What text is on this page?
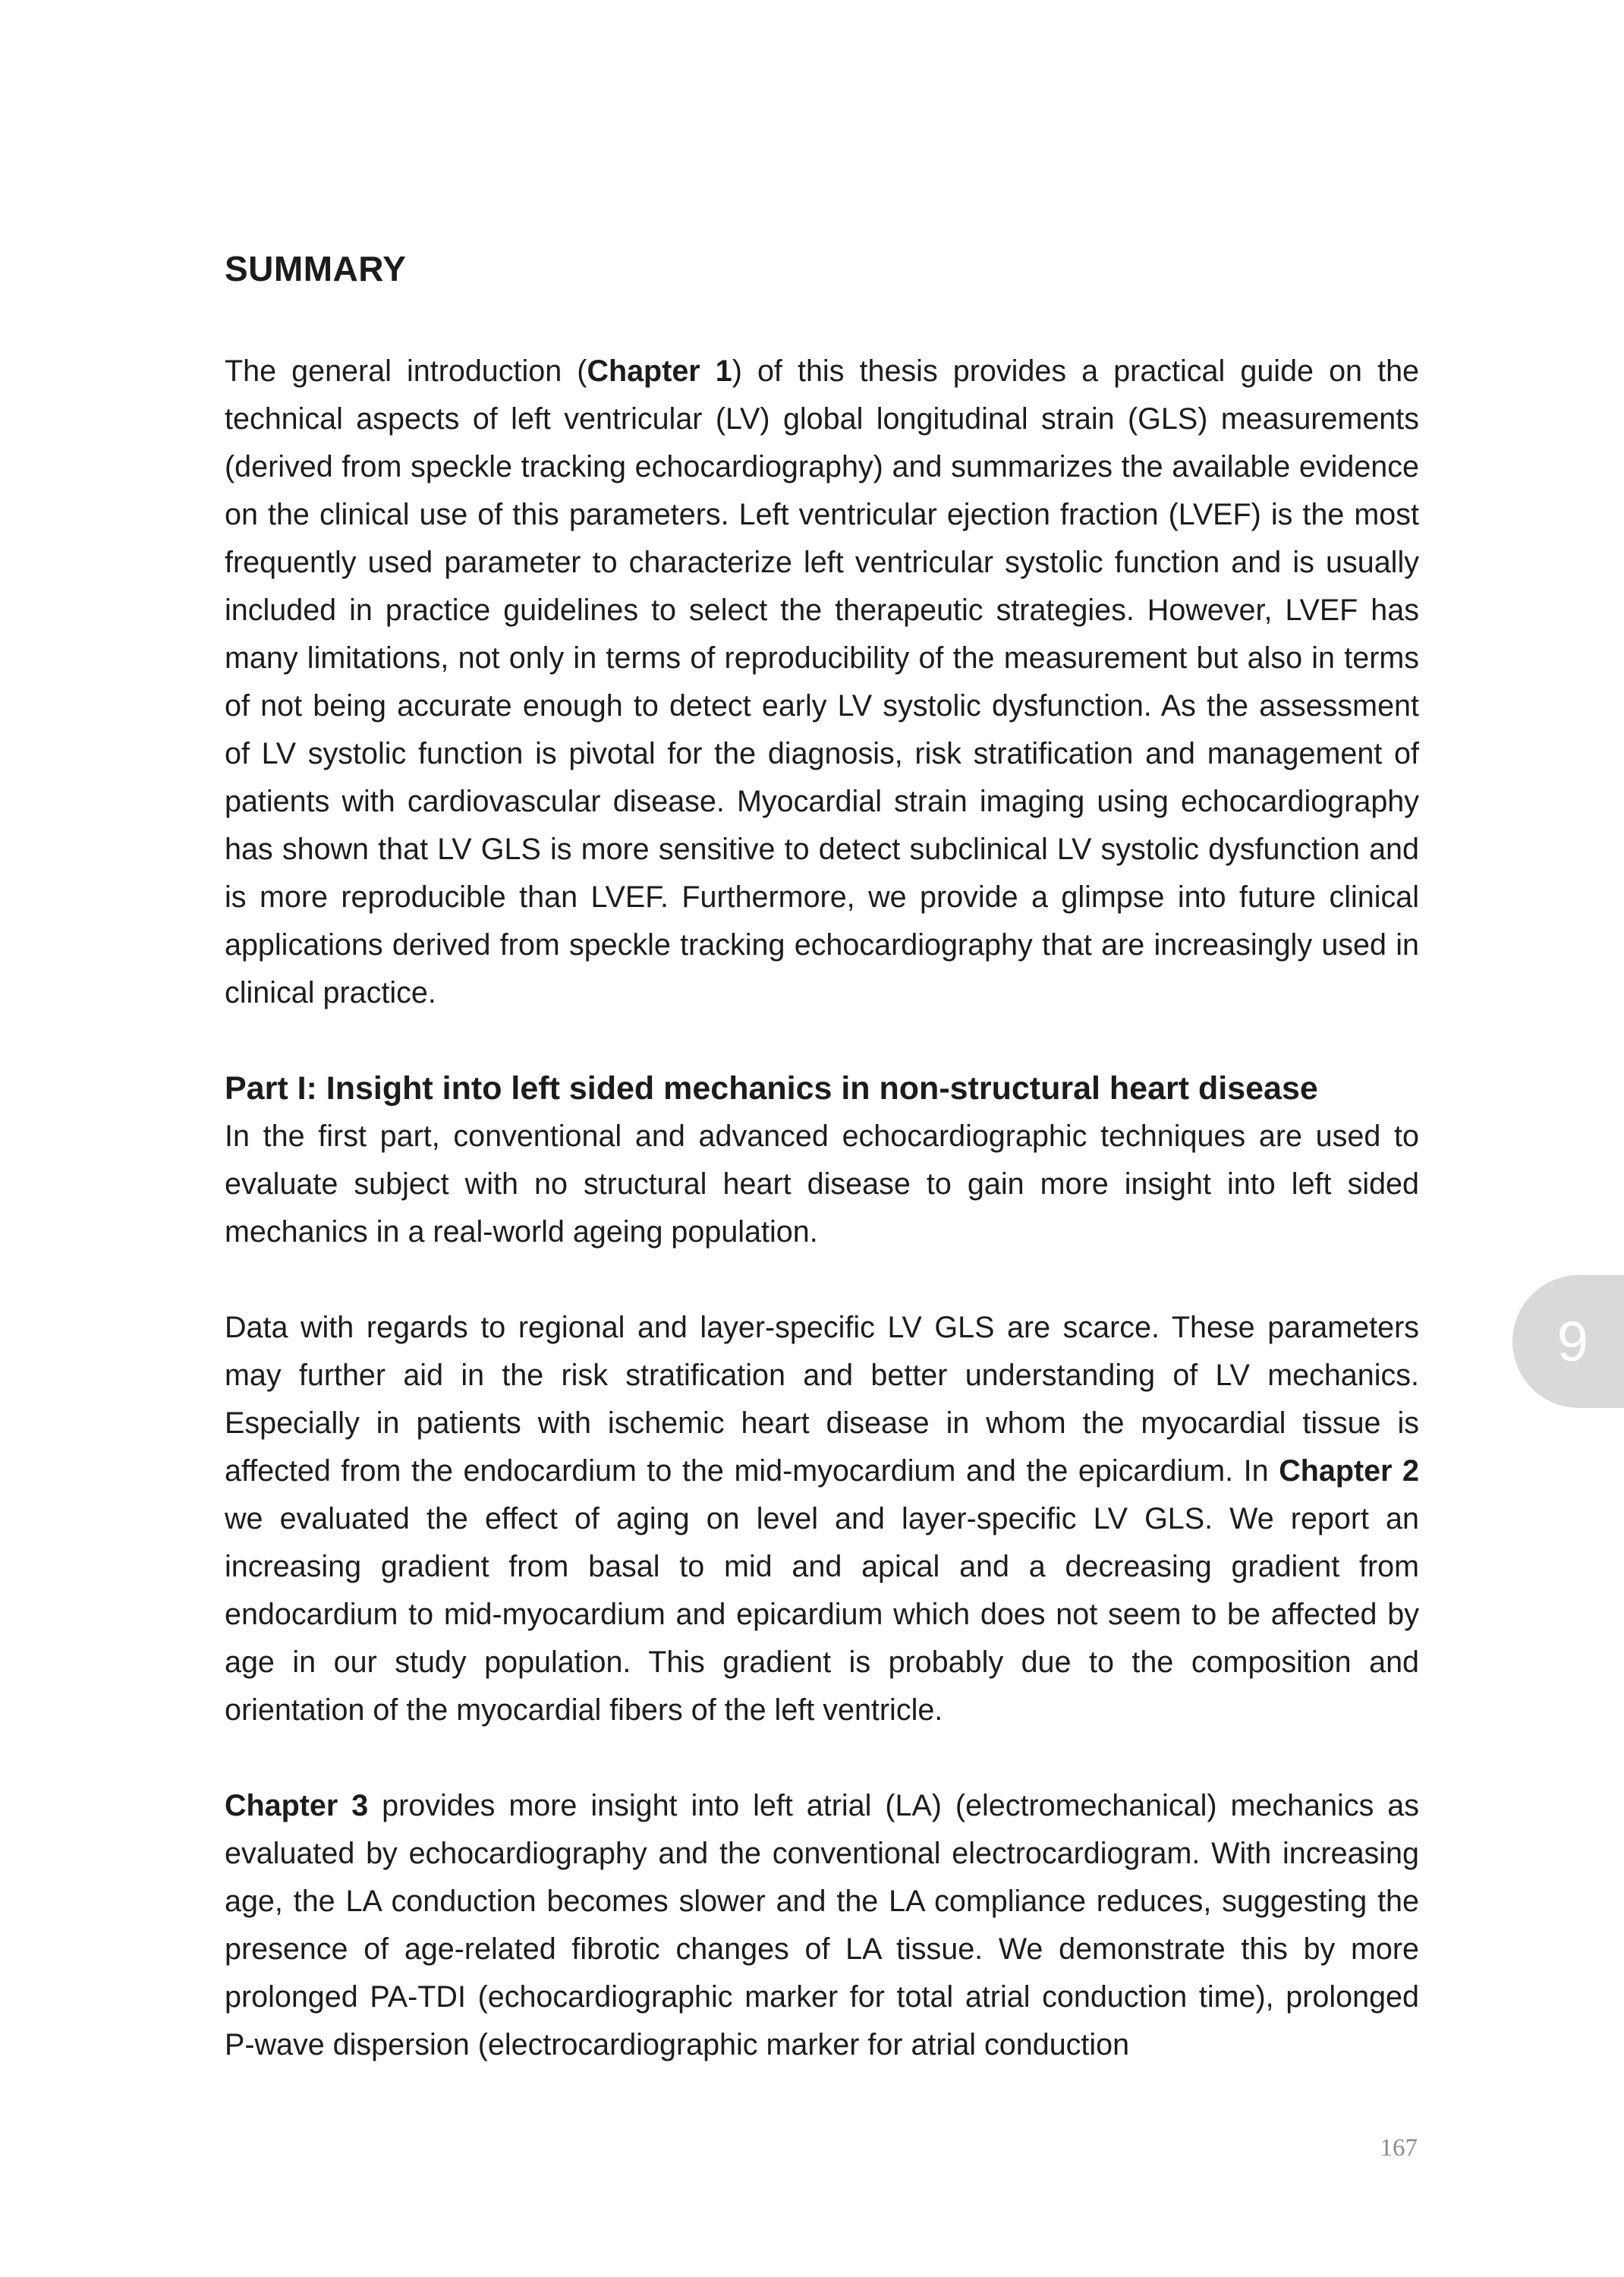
SUMMARY

The general introduction (Chapter 1) of this thesis provides a practical guide on the technical aspects of left ventricular (LV) global longitudinal strain (GLS) measurements (derived from speckle tracking echocardiography) and summarizes the available evidence on the clinical use of this parameters. Left ventricular ejection fraction (LVEF) is the most frequently used parameter to characterize left ventricular systolic function and is usually included in practice guidelines to select the therapeutic strategies. However, LVEF has many limitations, not only in terms of reproducibility of the measurement but also in terms of not being accurate enough to detect early LV systolic dysfunction. As the assessment of LV systolic function is pivotal for the diagnosis, risk stratification and management of patients with cardiovascular disease. Myocardial strain imaging using echocardiography has shown that LV GLS is more sensitive to detect subclinical LV systolic dysfunction and is more reproducible than LVEF. Furthermore, we provide a glimpse into future clinical applications derived from speckle tracking echocardiography that are increasingly used in clinical practice.

Part I: Insight into left sided mechanics in non-structural heart disease

In the first part, conventional and advanced echocardiographic techniques are used to evaluate subject with no structural heart disease to gain more insight into left sided mechanics in a real-world ageing population.

Data with regards to regional and layer-specific LV GLS are scarce. These parameters may further aid in the risk stratification and better understanding of LV mechanics. Especially in patients with ischemic heart disease in whom the myocardial tissue is affected from the endocardium to the mid-myocardium and the epicardium. In Chapter 2 we evaluated the effect of aging on level and layer-specific LV GLS. We report an increasing gradient from basal to mid and apical and a decreasing gradient from endocardium to mid-myocardium and epicardium which does not seem to be affected by age in our study population. This gradient is probably due to the composition and orientation of the myocardial fibers of the left ventricle.

Chapter 3 provides more insight into left atrial (LA) (electromechanical) mechanics as evaluated by echocardiography and the conventional electrocardiogram. With increasing age, the LA conduction becomes slower and the LA compliance reduces, suggesting the presence of age-related fibrotic changes of LA tissue. We demonstrate this by more prolonged PA-TDI (echocardiographic marker for total atrial conduction time), prolonged P-wave dispersion (electrocardiographic marker for atrial conduction

9
167
